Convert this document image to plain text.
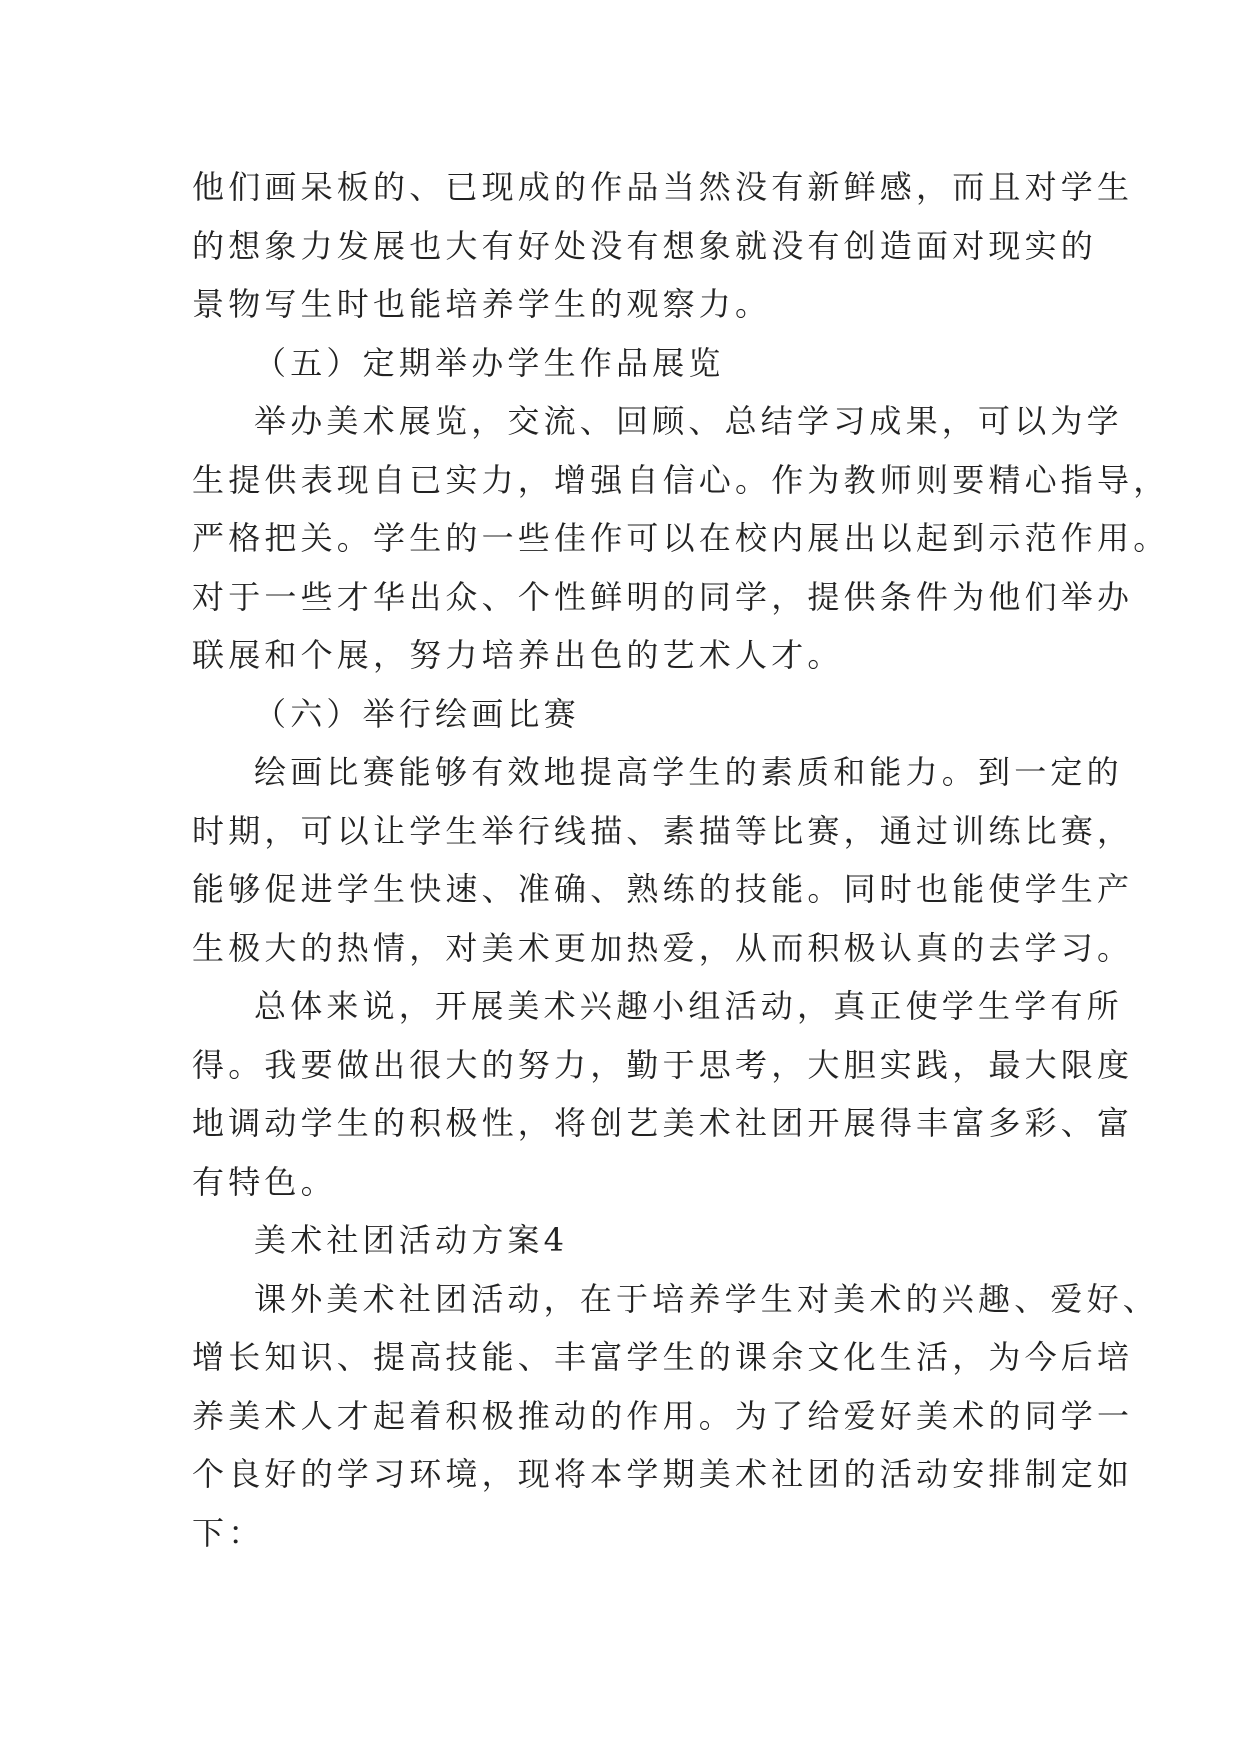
他们画呆板的、已现成的作品当然没有新鲜感，而且对学生
的想象力发展也大有好处没有想象就没有创造面对现实的
景物写生时也能培养学生的观察力。
（五）定期举办学生作品展览
举办美术展览，交流、回顾、总结学习成果，可以为学
生提供表现自已实力，增强自信心。作为教师则要精心指导，
严格把关。学生的一些佳作可以在校内展出以起到示范作用。
对于一些才华出众、个性鲜明的同学，提供条件为他们举办
联展和个展，努力培养出色的艺术人才。
（六）举行绘画比赛
绘画比赛能够有效地提高学生的素质和能力。到一定的
时期，可以让学生举行线描、素描等比赛，通过训练比赛，
能够促进学生快速、准确、熟练的技能。同时也能使学生产
生极大的热情，对美术更加热爱，从而积极认真的去学习。
总体来说，开展美术兴趣小组活动，真正使学生学有所
得。我要做出很大的努力，勤于思考，大胆实践，最大限度
地调动学生的积极性，将创艺美术社团开展得丰富多彩、富
有特色。
美术社团活动方案4
课外美术社团活动，在于培养学生对美术的兴趣、爱好、
增长知识、提高技能、丰富学生的课余文化生活，为今后培
养美术人才起着积极推动的作用。为了给爱好美术的同学一
个良好的学习环境，现将本学期美术社团的活动安排制定如
下：
